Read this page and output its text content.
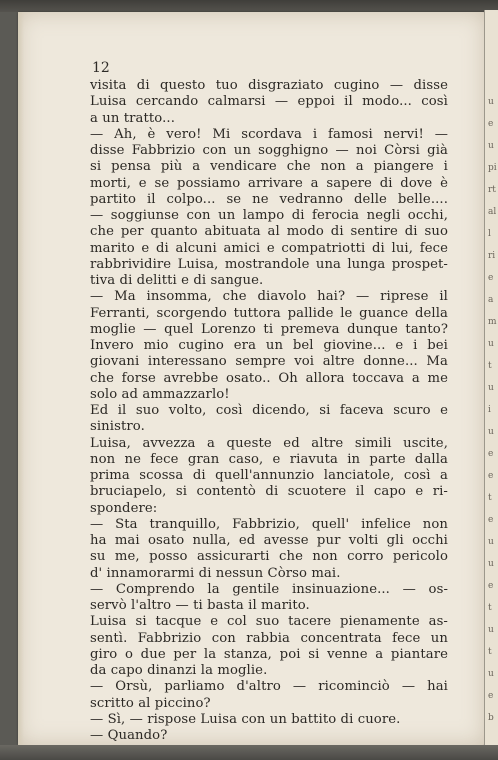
u
e
u
pi
rt
al
l
ri
e
a
m
u
t
u
i
u
e
e
t
e
u
u
e
t
u
t
u
e
b
12
visita di questo tuo disgraziato cugino — disse
Luisa cercando calmarsi — eppoi il modo... così
a un tratto...
— Ah, è vero! Mi scordava i famosi nervi! —
disse Fabbrizio con un sogghigno — noi Còrsi già
si pensa più a vendicare che non a piangere i
morti, e se possiamo arrivare a sapere di dove è
partito il colpo... se ne vedranno delle belle....
— soggiunse con un lampo di ferocia negli occhi,
che per quanto abituata al modo di sentire di suo
marito e di alcuni amici e compatriotti di lui, fece
rabbrividire Luisa, mostrandole una lunga prospet-
tiva di delitti e di sangue.
— Ma insomma, che diavolo hai? — riprese il
Ferranti, scorgendo tuttora pallide le guance della
moglie — quel Lorenzo ti premeva dunque tanto?
Invero mio cugino era un bel giovine... e i bei
giovani interessano sempre voi altre donne... Ma
che forse avrebbe osato.. Oh allora toccava a me
solo ad ammazzarlo!
Ed il suo volto, così dicendo, si faceva scuro e
sinistro.
Luisa, avvezza a queste ed altre simili uscite,
non ne fece gran caso, e riavuta in parte dalla
prima scossa di quell'annunzio lanciatole, così a
bruciapelo, si contentò di scuotere il capo e ri-
spondere:
— Sta tranquillo, Fabbrizio, quell' infelice non
ha mai osato nulla, ed avesse pur volti gli occhi
su me, posso assicurarti che non corro pericolo
d' innamorarmi di nessun Còrso mai.
— Comprendo la gentile insinuazione... — os-
servò l'altro — ti basta il marito.
Luisa si tacque e col suo tacere pienamente as-
sentì. Fabbrizio con rabbia concentrata fece un
giro o due per la stanza, poi si venne a piantare
da capo dinanzi la moglie.
— Orsù, parliamo d'altro — ricominciò — hai
scritto al piccino?
— Sì, — rispose Luisa con un battito di cuore.
— Quando?
